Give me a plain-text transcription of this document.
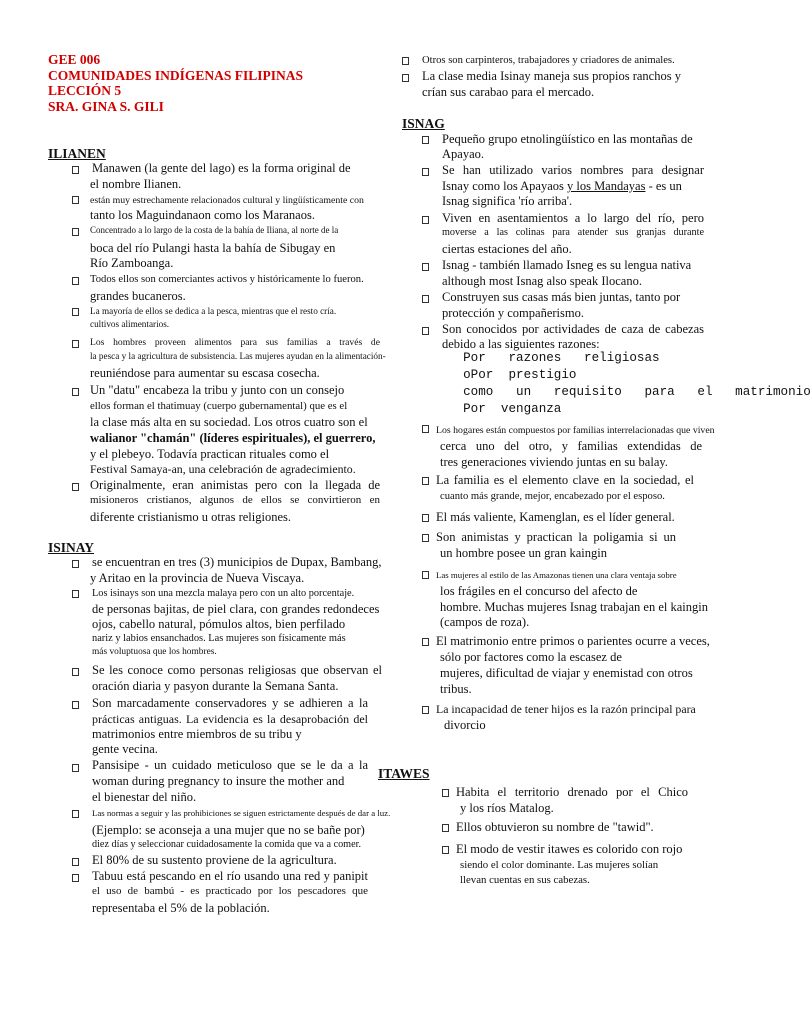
GEE 006
COMUNIDADES INDÍGENAS FILIPINAS
LECCIÓN 5
SRA. GINA S. GILI
ILIANEN
Manawen (la gente del lago) es la forma original de
el nombre Ilianen.
están muy estrechamente relacionados cultural y lingüísticamente con
tanto los Maguindanaon como los Maranaos.
Concentrado a lo largo de la costa de la bahía de Iliana, al norte de la
boca del río Pulangi hasta la bahía de Sibugay en
Río Zamboanga.
Todos ellos son comerciantes activos y históricamente lo fueron.
grandes bucaneros.
La mayoría de ellos se dedica a la pesca, mientras que el resto cría.
cultivos alimentarios.
Los hombres proveen alimentos para sus familias a través de
la pesca y la agricultura de subsistencia. Las mujeres ayudan en la alimentación-
reuniéndose para aumentar su escasa cosecha.
Un "datu" encabeza la tribu y junto con un consejo
ellos forman el thatimuay (cuerpo gubernamental) que es el
la clase más alta en su sociedad. Los otros cuatro son el
walianor "chamán" (líderes espirituales), el guerrero,
y el plebeyo. Todavía practican rituales como el
Festival Samaya-an, una celebración de agradecimiento.
Originalmente, eran animistas pero con la llegada de
misioneros cristianos, algunos de ellos se convirtieron en
diferente cristianismo u otras religiones.
ISINAY
se encuentran en tres (3) municipios de Dupax, Bambang,
y Aritao en la provincia de Nueva Viscaya.
Los isinays son una mezcla malaya pero con un alto porcentaje.
de personas bajitas, de piel clara, con grandes redondeces
ojos, cabello natural, pómulos altos, bien perfilado
nariz y labios ensanchados. Las mujeres son físicamente más
más voluptuosa que los hombres.
Se les conoce como personas religiosas que observan el
oración diaria y pasyon durante la Semana Santa.
Son marcadamente conservadores y se adhieren a la
prácticas antiguas. La evidencia es la desaprobación del
matrimonios entre miembros de su tribu y
gente vecina.
Pansisipe - un cuidado meticuloso que se le da a la
woman during pregnancy to insure the mother and
el bienestar del niño.
Las normas a seguir y las prohibiciones se siguen estrictamente después de dar a luz.
(Ejemplo: se aconseja a una mujer que no se bañe por)
diez días y seleccionar cuidadosamente la comida que va a comer.
El 80% de su sustento proviene de la agricultura.
Tabuu está pescando en el río usando una red y panipit
el uso de bambú - es practicado por los pescadores que
representaba el 5% de la población.
Otros son carpinteros, trabajadores y criadores de animales.
La clase media Isinay maneja sus propios ranchos y
crían sus carabao para el mercado.
ISNAG
Pequeño grupo etnolingüístico en las montañas de
Apayao.
Se han utilizado varios nombres para designar
Isnay como los Apayaos y los Mandayas - es un
Isnag significa 'río arriba'.
Viven en asentamientos a lo largo del río, pero
moverse a las colinas para atender sus granjas durante
ciertas estaciones del año.
Isnag - también llamado Isneg es su lengua nativa
although most Isnag also speak Ilocano.
Construyen sus casas más bien juntas, tanto por
protección y compañerismo.
Son conocidos por actividades de caza de cabezas
debido a las siguientes razones:
Por   razones   religiosas
oPor  prestigio
como   un   requisito   para   el   matrimonio
Por  venganza
Los hogares están compuestos por familias interrelacionadas que viven
cerca uno del otro, y familias extendidas de
tres generaciones viviendo juntas en su balay.
La familia es el elemento clave en la sociedad, el
cuanto más grande, mejor, encabezado por el esposo.
El más valiente, Kamenglan, es el líder general.
Son animistas y practican la poligamia si un
un hombre posee un gran kaingin
Las mujeres al estilo de las Amazonas tienen una clara ventaja sobre
los frágiles en el concurso del afecto de
hombre. Muchas mujeres Isnag trabajan en el kaingin
(campos de roza).
El matrimonio entre primos o parientes ocurre a veces,
sólo por factores como la escasez de
mujeres, dificultad de viajar y enemistad con otros
tribus.
La incapacidad de tener hijos es la razón principal para
divorcio
ITAWES
Habita el territorio drenado por el Chico
y los ríos Matalog.
Ellos obtuvieron su nombre de "tawid".
El modo de vestir itawes es colorido con rojo
siendo el color dominante. Las mujeres solían
llevan cuentas en sus cabezas.
